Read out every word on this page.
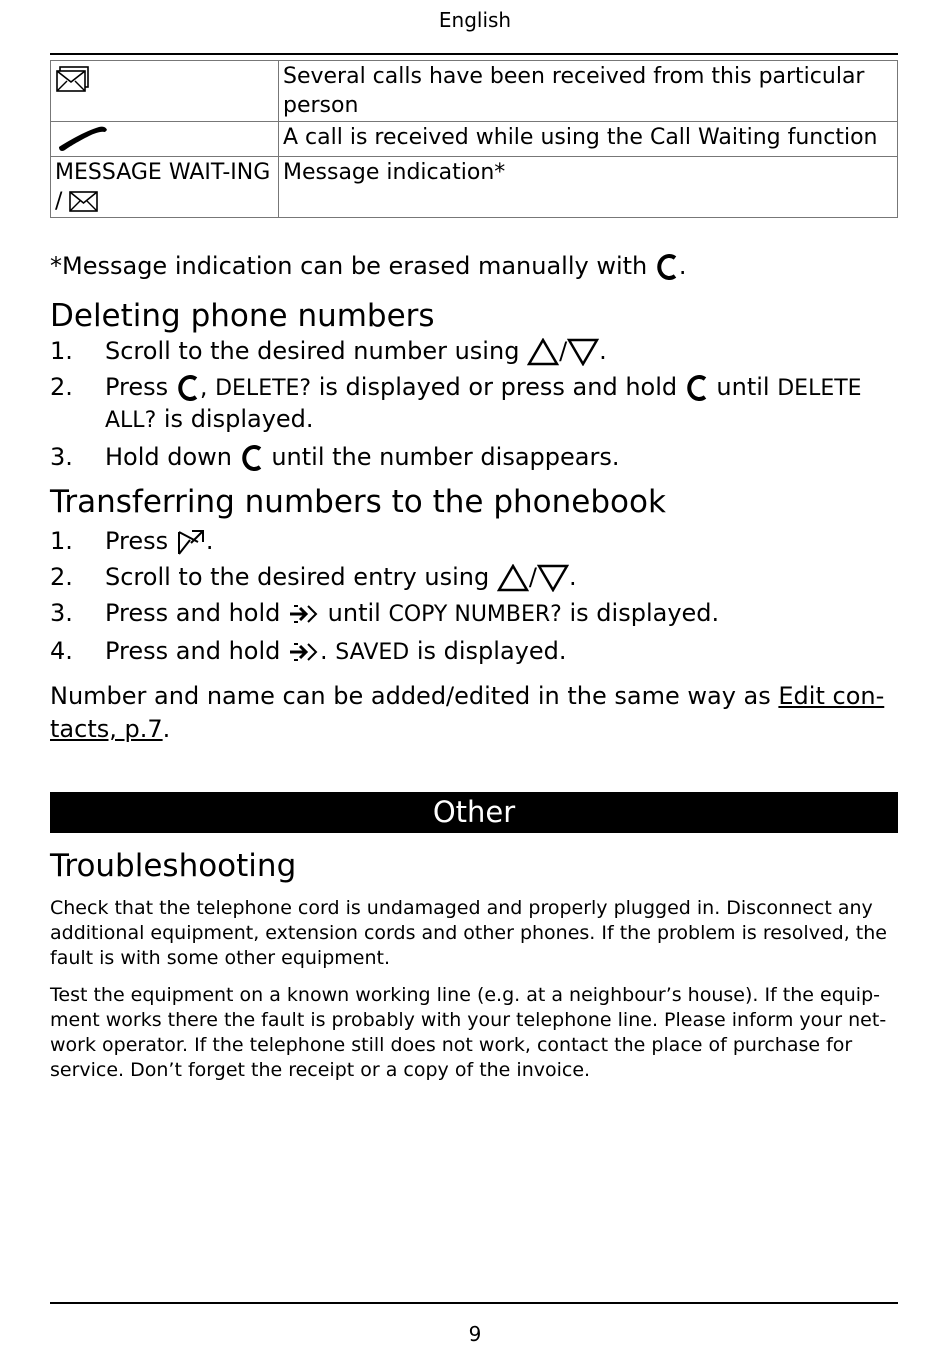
English
	Several calls have been received from this particular person
	A call is received while using the Call Waiting function
MESSAGE WAIT-ING /	Message indication*
*Message indication can be erased manually with .
Deleting phone numbers
1. Scroll to the desired number using / .
2. Press , DELETE? is displayed or press and hold until DELETE ALL? is displayed.
3. Hold down until the number disappears.
Transferring numbers to the phonebook
1. Press .
2. Scroll to the desired entry using / .
3. Press and hold until COPY NUMBER? is displayed.
4. Press and hold . SAVED is displayed.

Number and name can be added/edited in the same way as Edit con-tacts, p.7.

Other
Troubleshooting

Check that the telephone cord is undamaged and properly plugged in. Disconnect any additional equipment, extension cords and other phones. If the problem is resolved, the fault is with some other equipment.

Test the equipment on a known working line (e.g. at a neighbour’s house). If the equip-ment works there the fault is probably with your telephone line. Please inform your net-work operator. If the telephone still does not work, contact the place of purchase for service. Don’t forget the receipt or a copy of the invoice.

9
